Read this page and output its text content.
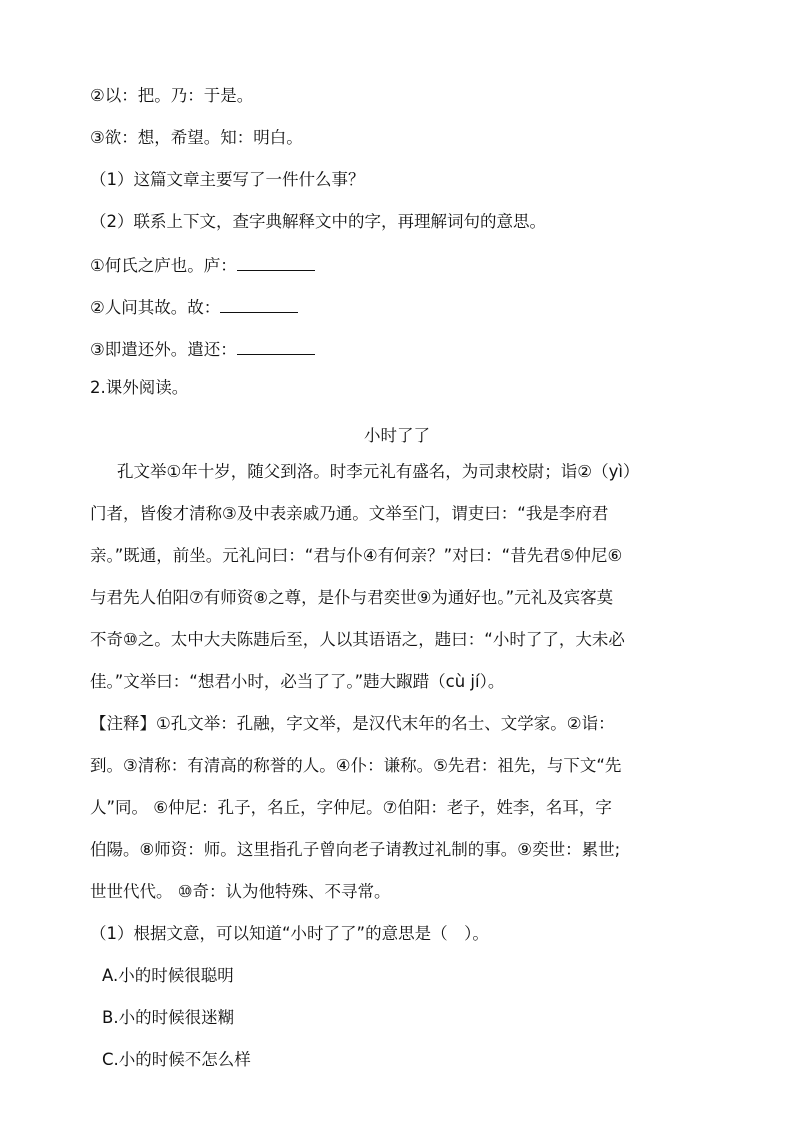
②以：把。乃：于是。
③欲：想，希望。知：明白。
（1）这篇文章主要写了一件什么事？
（2）联系上下文，查字典解释文中的字，再理解词句的意思。
①何氏之庐也。庐：
②人问其故。故：
③即遣还外。遣还：
2.课外阅读。
小时了了
孔文举①年十岁，随父到洛。时李元礼有盛名，为司隶校尉；诣②（yì）
门者，皆俊才清称③及中表亲戚乃通。文举至门，谓吏曰：“我是李府君
亲。”既通，前坐。元礼问曰：“君与仆④有何亲？”对曰：“昔先君⑤仲尼⑥
与君先人伯阳⑦有师资⑧之尊，是仆与君奕世⑨为通好也。”元礼及宾客莫
不奇⑩之。太中大夫陈韪后至，人以其语语之，韪曰：“小时了了，大未必
佳。”文举曰：“想君小时，必当了了。”韪大踧踖（cù jí）。
【注释】①孔文举：孔融，字文举，是汉代末年的名士、文学家。②诣：
到。③清称：有清高的称誉的人。④仆：谦称。⑤先君：祖先，与下文“先
人”同。 ⑥仲尼：孔子，名丘，字仲尼。⑦伯阳：老子，姓李，名耳，字
伯陽。⑧师资：师。这里指孔子曾向老子请教过礼制的事。⑨奕世：累世;
世世代代。 ⑩奇：认为他特殊、不寻常。
（1）根据文意，可以知道“小时了了”的意思是（　）。
A.小的时候很聪明
B.小的时候很迷糊
C.小的时候不怎么样
